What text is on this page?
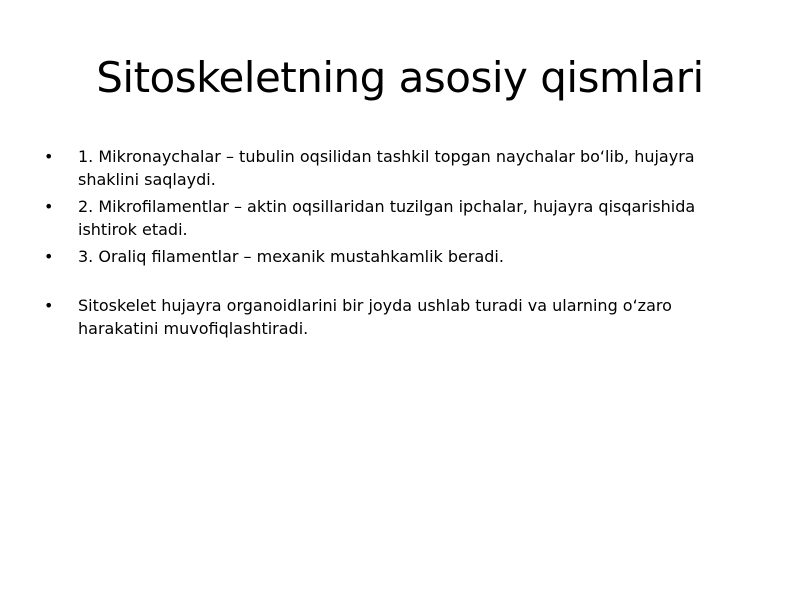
Sitoskeletning asosiy qismlari
• 1. Mikronaychalar – tubulin oqsilidan tashkil topgan naychalar bo‘lib, hujayra shaklini saqlaydi.
• 2. Mikrofilamentlar – aktin oqsillaridan tuzilgan ipchalar, hujayra qisqarishida ishtirok etadi.
• 3. Oraliq filamentlar – mexanik mustahkamlik beradi.
• Sitoskelet hujayra organoidlarini bir joyda ushlab turadi va ularning o‘zaro harakatini muvofiqlashtiradi.
